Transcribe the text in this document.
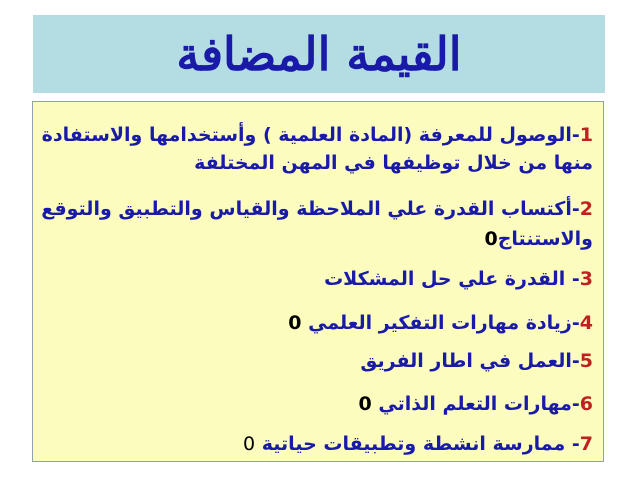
القيمة المضافة
1-الوصول للمعرفة (المادة العلمية ) وأستخدامها والاستفادة
منها من خلال توظيفها في المهن المختلفة
2-أكتساب القدرة علي الملاحظة والقياس والتطبيق والتوقع
والاستنتاج0
3- القدرة علي حل المشكلات
4-زيادة مهارات التفكير العلمي 0
5-العمل في اطار الفريق
6-مهارات التعلم الذاتي 0
7- ممارسة انشطة وتطبيقات حياتية 0
